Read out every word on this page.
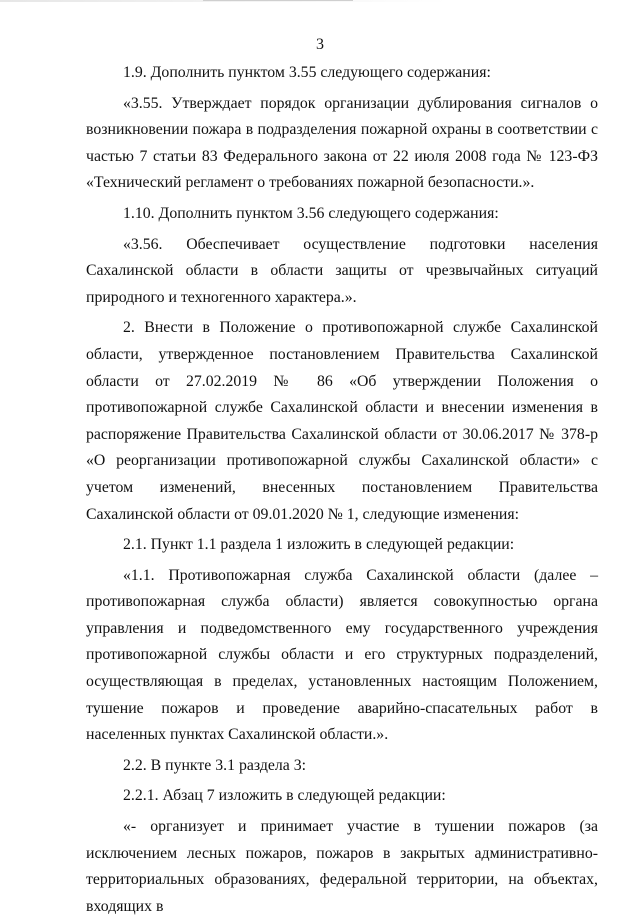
3

1.9. Дополнить пунктом 3.55 следующего содержания:

«3.55. Утверждает порядок организации дублирования сигналов о возникновении пожара в подразделения пожарной охраны в соответствии с частью 7 статьи 83 Федерального закона от 22 июля 2008 года № 123-ФЗ «Технический регламент о требованиях пожарной безопасности.».

1.10. Дополнить пунктом 3.56 следующего содержания:

«3.56. Обеспечивает осуществление подготовки населения Сахалинской области в области защиты от чрезвычайных ситуаций природного и техногенного характера.».

2. Внести в Положение о противопожарной службе Сахалинской области, утвержденное постановлением Правительства Сахалинской области от 27.02.2019 № 86 «Об утверждении Положения о противопожарной службе Сахалинской области и внесении изменения в распоряжение Правительства Сахалинской области от 30.06.2017 № 378-р «О реорганизации противопожарной службы Сахалинской области» с учетом изменений, внесенных постановлением Правительства Сахалинской области от 09.01.2020 № 1, следующие изменения:

2.1. Пункт 1.1 раздела 1 изложить в следующей редакции:

«1.1. Противопожарная служба Сахалинской области (далее – противопожарная служба области) является совокупностью органа управления и подведомственного ему государственного учреждения противопожарной службы области и его структурных подразделений, осуществляющая в пределах, установленных настоящим Положением, тушение пожаров и проведение аварийно-спасательных работ в населенных пунктах Сахалинской области.».

2.2. В пункте 3.1 раздела 3:

2.2.1. Абзац 7 изложить в следующей редакции:

«- организует и принимает участие в тушении пожаров (за исключением лесных пожаров, пожаров в закрытых административно-территориальных образованиях, федеральной территории, на объектах, входящих в
